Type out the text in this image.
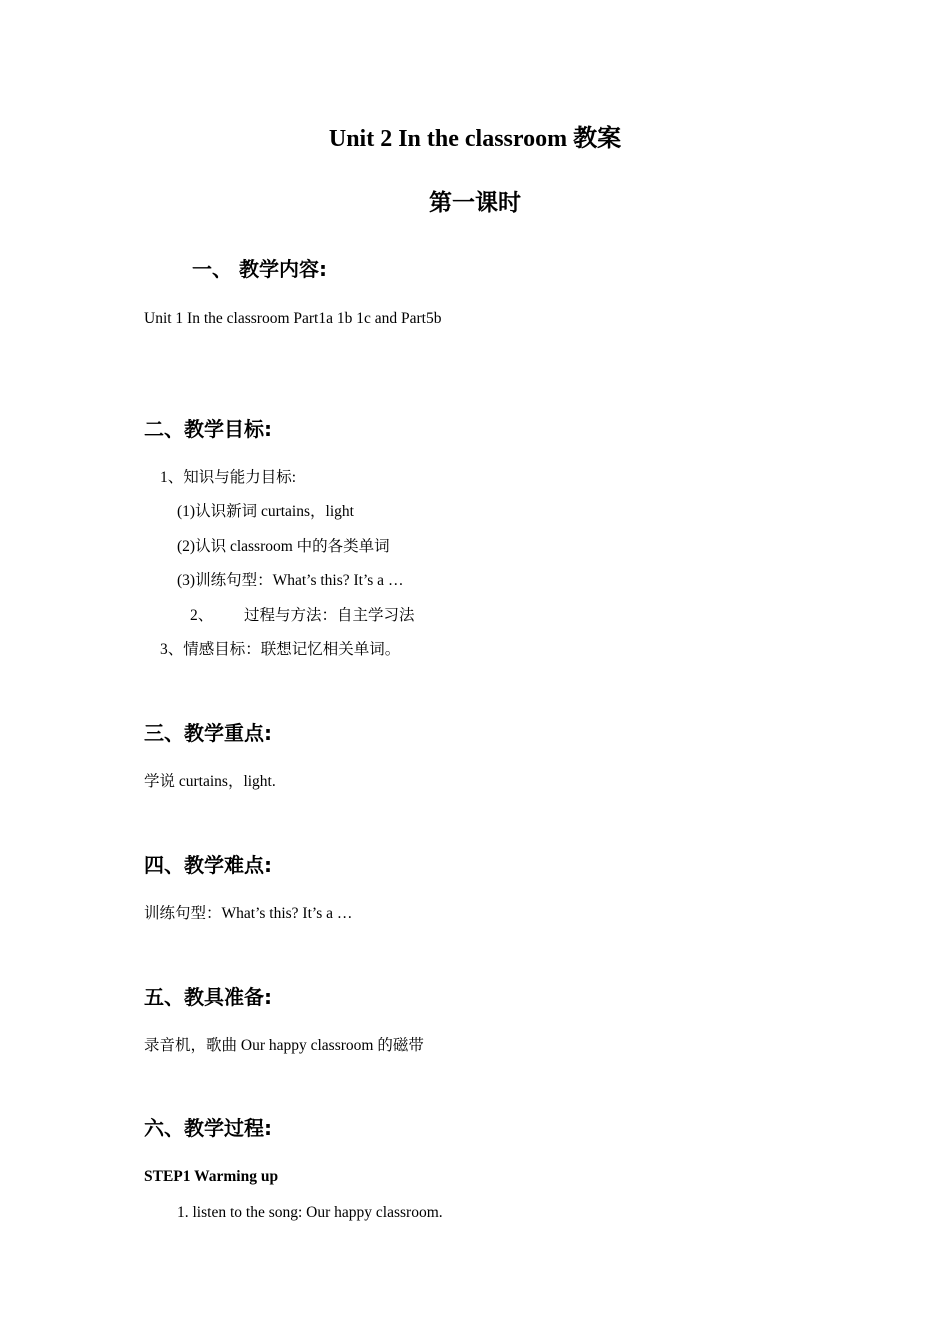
Unit 2 In the classroom 教案
第一课时
一、 教学内容:
Unit 1 In the classroom Part1a 1b 1c and Part5b
二、教学目标:
1、知识与能力目标:
(1)认识新词 curtains，light
(2)认识 classroom 中的各类单词
(3)训练句型：What’s this? It’s a …
2、 过程与方法：自主学习法
3、情感目标：联想记忆相关单词。
三、教学重点:
学说 curtains，light.
四、教学难点:
训练句型：What’s this? It’s a …
五、教具准备:
录音机，歌曲 Our happy classroom 的磁带
六、教学过程:
STEP1 Warming up
1. listen to the song: Our happy classroom.
